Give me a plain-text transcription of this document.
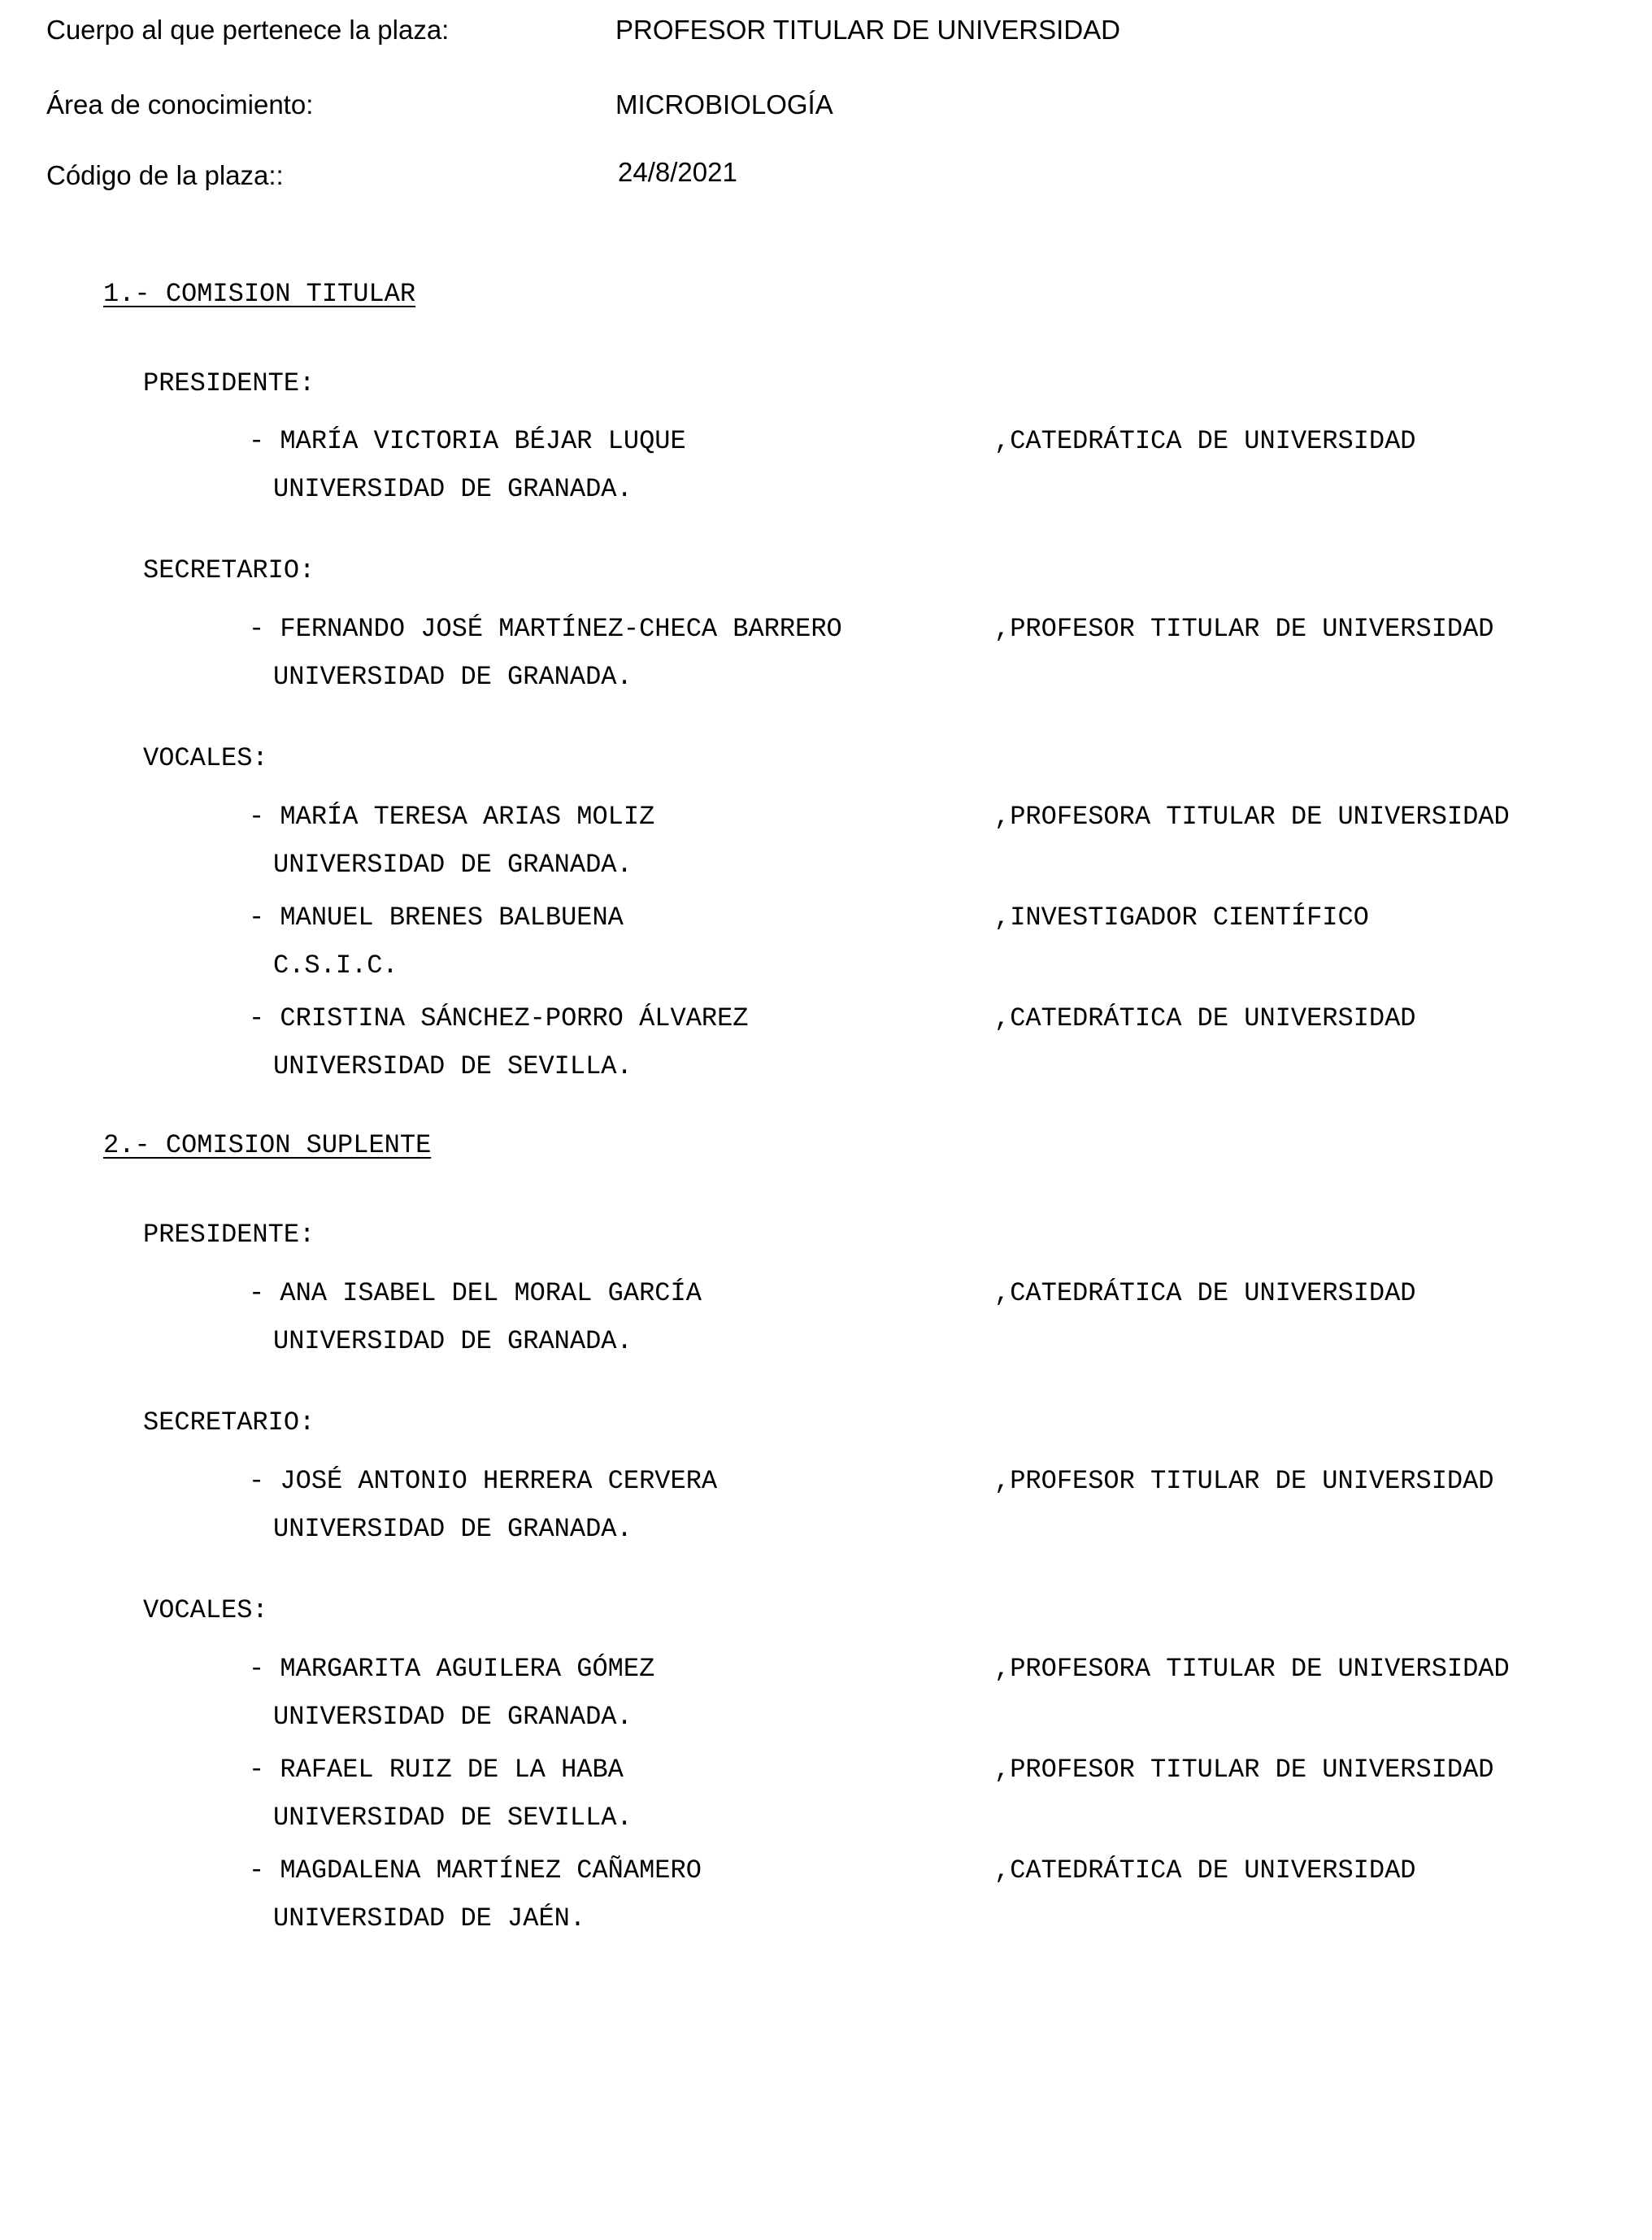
Cuerpo al que pertenece la plaza:	PROFESOR TITULAR DE UNIVERSIDAD
Área de conocimiento:	MICROBIOLOGÍA
Código de la plaza::	24/8/2021
1.- COMISION TITULAR
PRESIDENTE:
- MARÍA VICTORIA BÉJAR LUQUE	,CATEDRÁTICA DE UNIVERSIDAD
UNIVERSIDAD DE GRANADA.
SECRETARIO:
- FERNANDO JOSÉ MARTÍNEZ-CHECA BARRERO	,PROFESOR TITULAR DE UNIVERSIDAD
UNIVERSIDAD DE GRANADA.
VOCALES:
- MARÍA TERESA ARIAS MOLIZ	,PROFESORA TITULAR DE UNIVERSIDAD
UNIVERSIDAD DE GRANADA.
- MANUEL BRENES BALBUENA	,INVESTIGADOR CIENTÍFICO
C.S.I.C.
- CRISTINA SÁNCHEZ-PORRO ÁLVAREZ	,CATEDRÁTICA DE UNIVERSIDAD
UNIVERSIDAD DE SEVILLA.
2.- COMISION SUPLENTE
PRESIDENTE:
- ANA ISABEL DEL MORAL GARCÍA	,CATEDRÁTICA DE UNIVERSIDAD
UNIVERSIDAD DE GRANADA.
SECRETARIO:
- JOSÉ ANTONIO HERRERA CERVERA	,PROFESOR TITULAR DE UNIVERSIDAD
UNIVERSIDAD DE GRANADA.
VOCALES:
- MARGARITA AGUILERA GÓMEZ	,PROFESORA TITULAR DE UNIVERSIDAD
UNIVERSIDAD DE GRANADA.
- RAFAEL RUIZ DE LA HABA	,PROFESOR TITULAR DE UNIVERSIDAD
UNIVERSIDAD DE SEVILLA.
- MAGDALENA MARTÍNEZ CAÑAMERO	,CATEDRÁTICA DE UNIVERSIDAD
UNIVERSIDAD DE JAÉN.
